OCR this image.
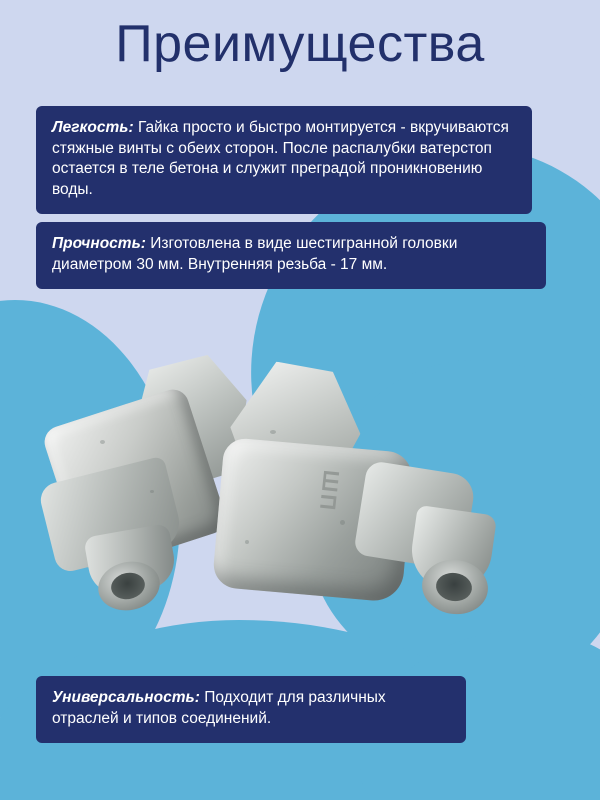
Преимущества
Легкость: Гайка просто и быстро монтируется - вкручиваются стяжные винты с обеих сторон. После распалубки ватерстоп остается в теле бетона и служит преградой проникновению воды.
Прочность: Изготовлена в виде шестигранной головки диаметром 30 мм. Внутренняя резьба - 17 мм.
ШП
Универсальность: Подходит для различных отраслей и типов соединений.
